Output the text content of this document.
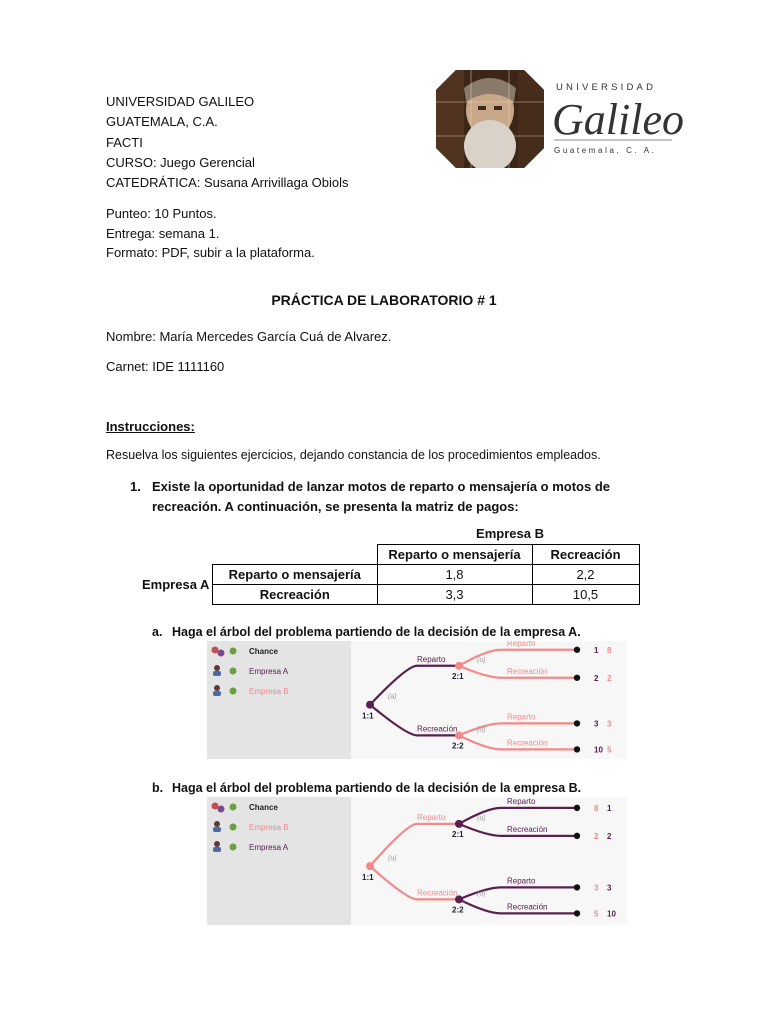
UNIVERSIDAD GALILEO
GUATEMALA, C.A.
FACTI
CURSO: Juego Gerencial
CATEDRÁTICA: Susana Arrivillaga Obiols
UNIVERSIDAD
Galileo
Guatemala, C. A.
Punteo: 10 Puntos.
Entrega: semana 1.
Formato: PDF, subir a la plataforma.
PRÁCTICA DE LABORATORIO # 1
Nombre: María Mercedes García Cuá de Alvarez.
Carnet: IDE 1111160
Instrucciones:
Resuelva los siguientes ejercicios, dejando constancia de los procedimientos empleados.
1. Existe la oportunidad de lanzar motos de reparto o mensajería o motos de recreación. A continuación, se presenta la matriz de pagos:
Empresa B
Empresa A
	Reparto o mensajería	Recreación
Reparto o mensajería	1,8	2,2
Recreación	3,3	10,5
a. Haga el árbol del problema partiendo de la decisión de la empresa A.
Chance
Empresa A
Empresa B
Reparto
Recreación
Reparto
1 8
Recreación
2 2
Reparto
3 3
Recreación
10 5
1:1
(a)
2:1
(u)
2:2
(u)
b. Haga el árbol del problema partiendo de la decisión de la empresa B.
Chance
Empresa B
Empresa A
Reparto
Recreación
Reparto
8 1
Recreación
2 2
Reparto
3 3
Recreación
5 10
1:1
(u)
2:1
(u)
2:2
(u)
